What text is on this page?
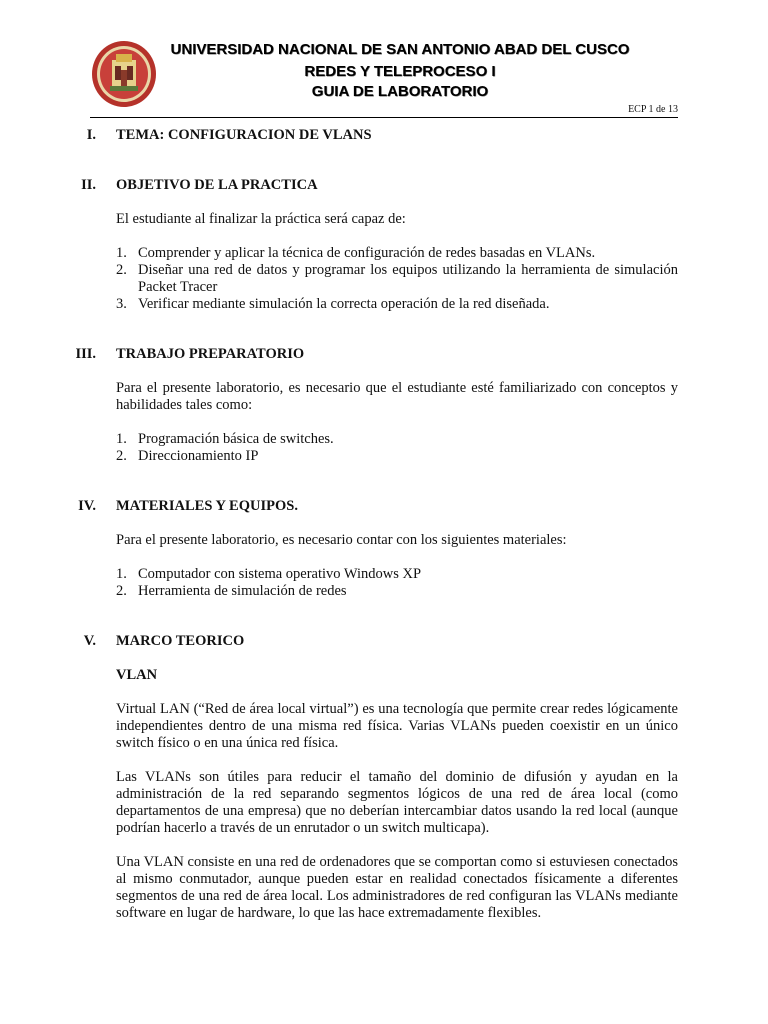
UNIVERSIDAD NACIONAL DE SAN ANTONIO ABAD DEL CUSCO
REDES Y TELEPROCESO I
GUIA DE LABORATORIO
ECP 1 de 13
I. TEMA: CONFIGURACION DE VLANS
II. OBJETIVO DE LA PRACTICA

El estudiante al finalizar la práctica será capaz de:

1. Comprender y aplicar la técnica de configuración de redes basadas en VLANs.
2. Diseñar una red de datos y programar los equipos utilizando la herramienta de simulación Packet Tracer
3. Verificar mediante simulación la correcta operación de la red diseñada.
III. TRABAJO PREPARATORIO

Para el presente laboratorio, es necesario que el estudiante esté familiarizado con conceptos y habilidades tales como:

1. Programación básica de switches.
2. Direccionamiento IP
IV. MATERIALES Y EQUIPOS.

Para el presente laboratorio, es necesario contar con los siguientes materiales:

1. Computador con sistema operativo Windows XP
2. Herramienta de simulación de redes
V. MARCO TEORICO
VLAN

Virtual LAN (“Red de área local virtual”) es una tecnología que permite crear redes lógicamente independientes dentro de una misma red física. Varias VLANs pueden coexistir en un único switch físico o en una única red física.

Las VLANs son útiles para reducir el tamaño del dominio de difusión y ayudan en la administración de la red separando segmentos lógicos de una red de área local (como departamentos de una empresa) que no deberían intercambiar datos usando la red local (aunque podrían hacerlo a través de un enrutador o un switch multicapa).

Una VLAN consiste en una red de ordenadores que se comportan como si estuviesen conectados al mismo conmutador, aunque pueden estar en realidad conectados físicamente a diferentes segmentos de una red de área local. Los administradores de red configuran las VLANs mediante software en lugar de hardware, lo que las hace extremadamente flexibles.
